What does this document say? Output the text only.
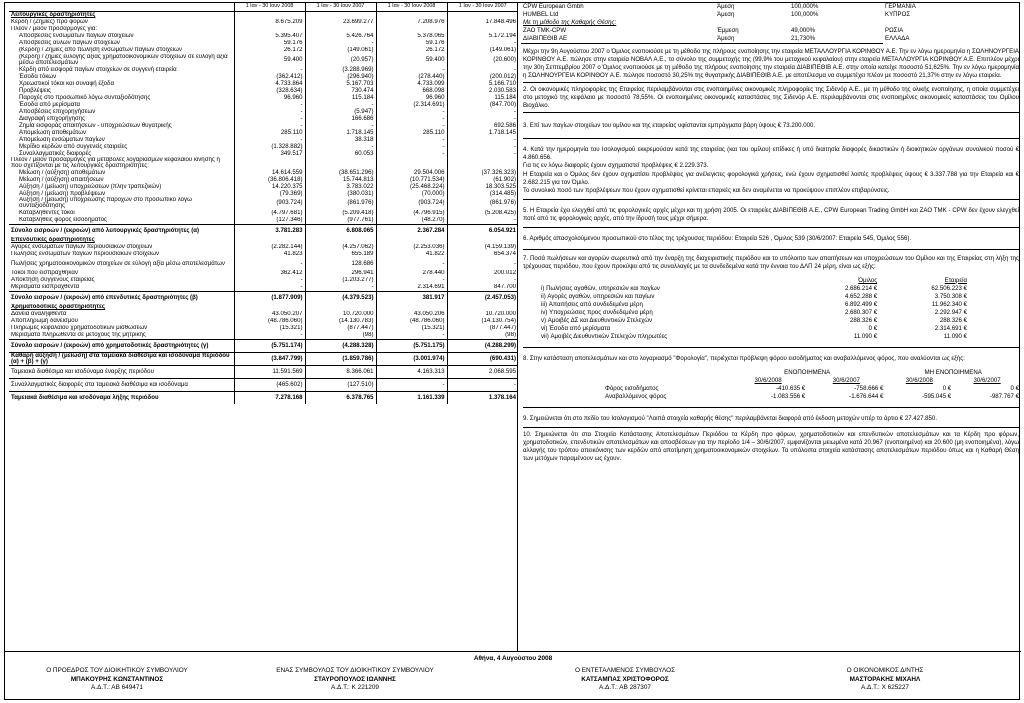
	1 Ιαν - 30 Ιουν 2008	1 Ιαν - 30 Ιουν 2007	1 Ιαν - 30 Ιουν 2008	1 Ιαν - 30 Ιουν 2007
Λειτουργικές δραστηριότητες				
Κέρδη / (Ζημίες) προ φόρων	8.675.209	23.699.277	7.208.976	17.848.496
Πλέον / μείον προσαρμογές για:				
Αποσβέσεις ενσώματων παγίων στοιχείων	5.395.407	5.426.764	5.378.065	5.172.194
Αποσβέσεις άυλων παγίων στοιχείων	59.176	-	59.176	-
(Κέρδη) / Ζημιές από πώληση ενσώματων παγίων στοιχείων	26.172	(149.061)	26.172	(149.061)
(Κέρδη) / ζημιές εύλογης αξίας χρηματοοικονομικών στοιχείων σε εύλογη αξία μέσω αποτελεσμάτων	59.400	(20.957)	59.400	(20.600)
Κέρδη από εισφορά παγίων στοιχείων σε συγγενή εταιρεία	-	(3.288.969)	-	-
Έσοδα τόκων	(362.412)	(296.940)	(278.440)	(200.012)
Χρεωστικοί τόκοι και συναφή έξοδα	4.733.864	5.167.703	4.733.099	5.166.710
Προβλέψεις	(328.634)	730.474	668.098	2.030.583
Παροχές στο προσωπικό λόγω συνταξιοδότησης	96.960	115.184	96.960	115.184
Έσοδα από μερίσματα	-	-	(2.314.691)	(847.700)
Αποσβέσεις επιχορηγήσεων	-	(5.947)	-	-
Διαγραφή επιχορήγησης	-	166.686	-	-
Ζημία εισφοράς απαιτήσεων - υποχρεώσεων θυγατρικής	-	-	-	692.586
Απομείωση αποθεμάτων	285.110	1.718.145	285.110	1.718.145
Απομείωση ενσώματων παγίων	-	38.318	-	-
Μερίδιο κερδών από συγγενείς εταιρείες	(1.328.882)	-	-	-
Συναλλαγματικές διαφορές	349.517	60.053	-	-
Πλέον / μείον προσαρμογές για μεταβολές λογαριασμών κεφαλαίου κίνησης ή που σχετίζονται με τις λειτουργικές δραστηριότητες:				
Μείωση / (αύξηση) αποθεμάτων	14.614.559	(38.651.296)	29.504.006	(37.326.323)
Μείωση / (αύξηση) απαιτήσεων	(36.806.418)	15.744.813	(10.771.534)	(61.902)
Αύξηση / (μείωση) υποχρεώσεων (πλην τραπεζικών)	14.220.375	3.783.022	(25.468.224)	18.303.525
Αύξηση / (μείωση) προβλέψεων	(79.369)	(380.031)	(70.000)	(314.485)
Αύξηση / (μείωση) υποχρέωσης παροχών στο προσωπικό λόγω συνταξιοδότησης	(903.724)	(861.976)	(903.724)	(861.976)
Καταβληθέντες τόκοι	(4.797.681)	(5.209.418)	(4.796.915)	(5.208.425)
Καταβληθείς φόρος εισοδήματος	(127.346)	(977.761)	(48.270)	-
Σύνολο εισροών / (εκροών) από λειτουργικές δραστηριότητες (α)	3.781.283	6.808.065	2.367.284	6.054.921
Επενδυτικές δραστηριότητες				
Αγορές ενσώματων παγίων περιουσιακών στοιχείων	(2.282.144)	(4.257.062)	(2.253.036)	(4.159.139)
Πωλήσεις ενσώματων παγίων περιουσιακών στοιχείων	41.823	655.189	41.822	654.374
Πωλήσεις χρηματοοικονομικών στοιχείων σε εύλογη αξία μέσω αποτελεσμάτων	-	128.686	-	-
Τόκοι που εισπράχθηκαν	362.412	296.941	278.440	200.012
Απόκτηση συγγενούς εταιρείας	-	(1.203.277)	-	-
Μερίσματα εισπραχθέντα	-	-	2.314.691	847.700
Σύνολο εισροών / (εκροών) από επενδυτικές δραστηριότητες (β)	(1.877.909)	(4.379.523)	381.917	(2.457.053)
Χρηματοδοτικές δραστηριότητες				
Δάνεια αναληφθέντα	43.050.207	10.720.000	43.050.206	10.720.000
Αποπληρωμή δανεισμού	(48.786.060)	(14.130.783)	(48.786.060)	(14.130.754)
Πληρωμές κεφαλαίου χρηματοδοτικών μισθώσεων	(15.321)	(877.447)	(15.321)	(877.447)
Μερίσματα πληρωθέντα σε μετόχους της μητρικής	-	(98)	-	(98)
Σύνολο εισροών / (εκροών) από χρηματοδοτικές δραστηριότητες (γ)	(5.751.174)	(4.288.328)	(5.751.175)	(4.288.299)
Καθαρή αύξηση / (μείωση) στα ταμειακά διαθέσιμα και ισοδύναμα περιόδου (α) + (β) + (γ)	(3.847.799)	(1.859.786)	(3.001.974)	(690.431)
Ταμειακά διαθέσιμα και ισοδύναμα έναρξης περιόδου	11.591.569	8.366.061	4.163.313	2.068.595
Συναλλαγματικές διαφορές στα ταμειακά διαθέσιμα και ισοδύναμα	(465.602)	(127.510)	-	-
Ταμειακά διαθέσιμα και ισοδύναμα λήξης περιόδου	7.278.168	6.378.765	1.161.339	1.378.164
CPW European Gmbh	Άμεση	100,000%	ΓΕΡΜΑΝΙΑ
HUMBEL Ltd	Άμεση	100,000%	ΚΥΠΡΟΣ
Με τη μέθοδο της Καθαρής Θέσης:			
ΖΑΟ ΤΜΚ-CPW	Έμμεση	49,000%	ΡΩΣΙΑ
ΔΙΑΒΙΠΕΘΙΒ ΑΕ	Άμεση	21,730%	ΕΛΛΑΔΑ

Μέχρι την 9η Αυγούστου 2007 ο Όμιλος ενοποιούσε με τη μέθοδο της πλήρους ενοποίησης την εταιρεία ΜΕΤΑΛΛΟΥΡΓΙΑ ΚΟΡΙΝΘΟΥ Α.Ε. Την εν λόγω ημερομηνία η ΣΩΛΗΝΟΥΡΓΕΙΑ ΚΟΡΙΝΘΟΥ Α.Ε. πώλησε στην εταιρεία ΝΟΒΑΛ Α.Ε., το σύνολο της συμμετοχής της (99,9% του μετοχικού κεφαλαίου) στην εταιρεία ΜΕΤΑΛΛΟΥΡΓΙΑ ΚΟΡΙΝΘΟΥ Α.Ε. Επιπλέον μέχρι την 30η Σεπτεμβρίου 2007 ο Όμιλος ενοποιούσε με τη μέθοδο της πλήρους ενοποίησης την εταιρεία ΔΙΑΒΙΠΕΘΙΒ Α.Ε. στην οποία κατείχε ποσοστό 51,625%. Την εν λόγω ημερομηνία η ΣΩΛΗΝΟΥΡΓΕΙΑ ΚΟΡΙΝΘΟΥ Α.Ε. πώλησε ποσοστό 30,25% της θυγατρικής ΔΙΑΒΙΠΕΘΙΒ Α.Ε. με αποτέλεσμα να συμμετέχει πλέον με ποσοστό 21,37% στην εν λόγω εταιρεία.

2. Οι οικονομικές πληροφορίες της Εταιρείας περιλαμβάνονται στις ενοποιημένες οικονομικές πληροφορίες της Σιδενόρ Α.Ε., με τη μέθοδο της ολικής ενοποίησης, η οποία συμμετέχει στο μετοχικό της κεφάλαιο με ποσοστό 78,55%. Οι ενοποιημένες οικονομικές καταστάσεις της Σιδενόρ Α.Ε. περιλαμβάνονται στις ενοποιημένες οικονομικές καταστάσεις του Ομίλου Βιοχάλκο.

3. Επί των παγίων στοιχείων του ομίλου και της εταιρείας υφίστανται εμπράγματα βάρη ύψους € 73.200.000.

4. Κατά την ημερομηνία του Ισολογισμού εκκρεμούσαν κατά της εταιρείας (και του ομίλου) επίδικες ή υπό διαιτησία διαφορές δικαστικών ή διοικητικών οργάνων συνολικού ποσού € 4.860.656.

Για τις εν λόγω διαφορές έχουν σχηματιστεί προβλέψεις € 2.229.373.

Η Εταιρεία και ο Όμιλος δεν έχουν σχηματίσει προβλέψεις για ανέλεγκτες φορολογικά χρήσεις, ενώ έχουν σχηματισθεί λοιπές προβλέψεις ύψους € 3.337.788 για την Εταιρεία και € 2.682.215 για τον Όμιλο.

Το συνολικό ποσό των προβλέψεων που έχουν σχηματισθεί κρίνεται επαρκές και δεν αναμένεται να προκύψουν επιπλέον επιβαρύνσεις.

5. Η Εταιρεία έχει ελεγχθεί από τις φορολογικές αρχές μέχρι και τη χρήση 2005. Οι εταιρείες ΔΙΑΒΙΠΕΘΙΒ Α.Ε., CPW European Trading GmbH και ΖΑΟ ΤΜΚ - CPW δεν έχουν ελεγχθεί ποτέ από τις φορολογικές αρχές, από την ίδρυσή τους μέχρι σήμερα.

6. Αριθμός απασχολούμενου προσωπικού στο τέλος της τρέχουσας περιόδου: Εταιρεία 526 , Όμιλος 539 (30/6/2007: Εταιρεία 545, Όμιλος 556).

7. Ποσά πωλήσεων και αγορών σωρευτικά από την έναρξη της διαχειριστικής περιόδου και το υπόλοιπο των απαιτήσεων και υποχρεώσεων του Ομίλου και της Εταιρείας στη λήξη της τρέχουσας περιόδου, που έχουν προκύψει από τις συναλλαγές με τα συνδεδεμένα κατά την έννοια του ΔΛΠ 24 μέρη, είναι ως εξής:

	Όμιλος	Εταιρεία
i) Πωλήσεις αγαθών, υπηρεσιών και παγίων	2.686.214 €	62.506.223 €
ii) Αγορές αγαθών, υπηρεσιών και παγίων	4.652.288 €	3.750.308 €
iii) Απαιτήσεις από συνδεδεμένα μέρη	6.892.499 €	11.962.340 €
iv) Υποχρεώσεις προς συνδεδεμένα μέρη	2.680.307 €	2.292.947 €
v) Αμοιβές ΔΣ και Διευθυντικών Στελεχών	288.326 €	288.326 €
vi) Έσοδα από μερίσματα	0 €	2.314.691 €
vii) Αμοιβές Διευθυντικών Στελεχών πληρωτέες	11.090 €	11.090 €

8. Στην κατάσταση αποτελεσμάτων και στο λογαριασμό "Φορολογία", περιέχεται πρόβλεψη φόρου εισοδήματος και αναβαλλόμενος φόρος, που αναλύονται ως εξής:

	ΕΝΟΠΟΙΗΜΕΝΑ		ΜΗ ΕΝΟΠΟΙΗΜΕΝΑ	
	30/6/2008	30/6/2007	30/6/2008	30/6/2007
Φόρος εισοδήματος	-410.635 €	-758.666 €	0 €	0 €
Αναβαλλόμενος φόρος	-1.083.556 €	-1.676.644 €	-595.045 €	-987.767 €

9. Σημειώνεται ότι στο πεδίο του Ισολογισμού "Λοιπά στοιχεία καθαρής θέσης" περιλαμβάνεται διαφορά από έκδοση μετοχών υπέρ το άρτιο € 27.427.850.

10. Σημειώνεται ότι στα Στοιχεία Κατάστασης Αποτελεσμάτων Περιόδου τα Κέρδη προ φόρων, χρηματοδοτικών και επενδυτικών αποτελεσμάτων και τα Κέρδη προ φόρων, χρηματοδοτικών, επενδυτικών αποτελεσμάτων και αποσβέσεων για την περίοδο 1/4 – 30/6/2007, εμφανίζονται μειωμένα κατά 20.967 (ενοποιημένα) και 20.600 (μη ενοποιημένα), λόγω αλλαγής του τρόπου απεικόνισης των κερδών από αποτίμηση χρηματοοικονομικών στοιχείων. Τα υπόλοιπα στοιχεία κατάστασης αποτελεσμάτων περιόδου όπως και η Καθαρή Θέση των μετόχων παραμένουν ως έχουν.

Αθήνα, 4 Αυγούστου 2008
Ο ΠΡΟΕΔΡΟΣ ΤΟΥ ΔΙΟΙΚΗΤΙΚΟΥ ΣΥΜΒΟΥΛΙΟΥ
ΜΠΑΚΟΥΡΗΣ ΚΩΝΣΤΑΝΤΙΝΟΣ
Α.Δ.Τ.: ΑΒ 649471
ΕΝΑΣ ΣΥΜΒΟΥΛΟΣ ΤΟΥ ΔΙΟΙΚΗΤΙΚΟΥ ΣΥΜΒΟΥΛΙΟΥ
ΣΤΑΥΡΟΠΟΥΛΟΣ ΙΩΑΝΝΗΣ
Α.Δ.Τ.: Κ 221209
Ο ΕΝΤΕΤΑΛΜΕΝΟΣ ΣΥΜΒΟΥΛΟΣ
ΚΑΤΣΑΜΠΑΣ ΧΡΙΣΤΟΦΟΡΟΣ
Α.Δ.Τ.: ΑΒ 287307
Ο ΟΙΚΟΝΟΜΙΚΟΣ Δ/ΝΤΗΣ
ΜΑΣΤΟΡΑΚΗΣ ΜΙΧΑΗΛ
Α.Δ.Τ.: Χ 625227
